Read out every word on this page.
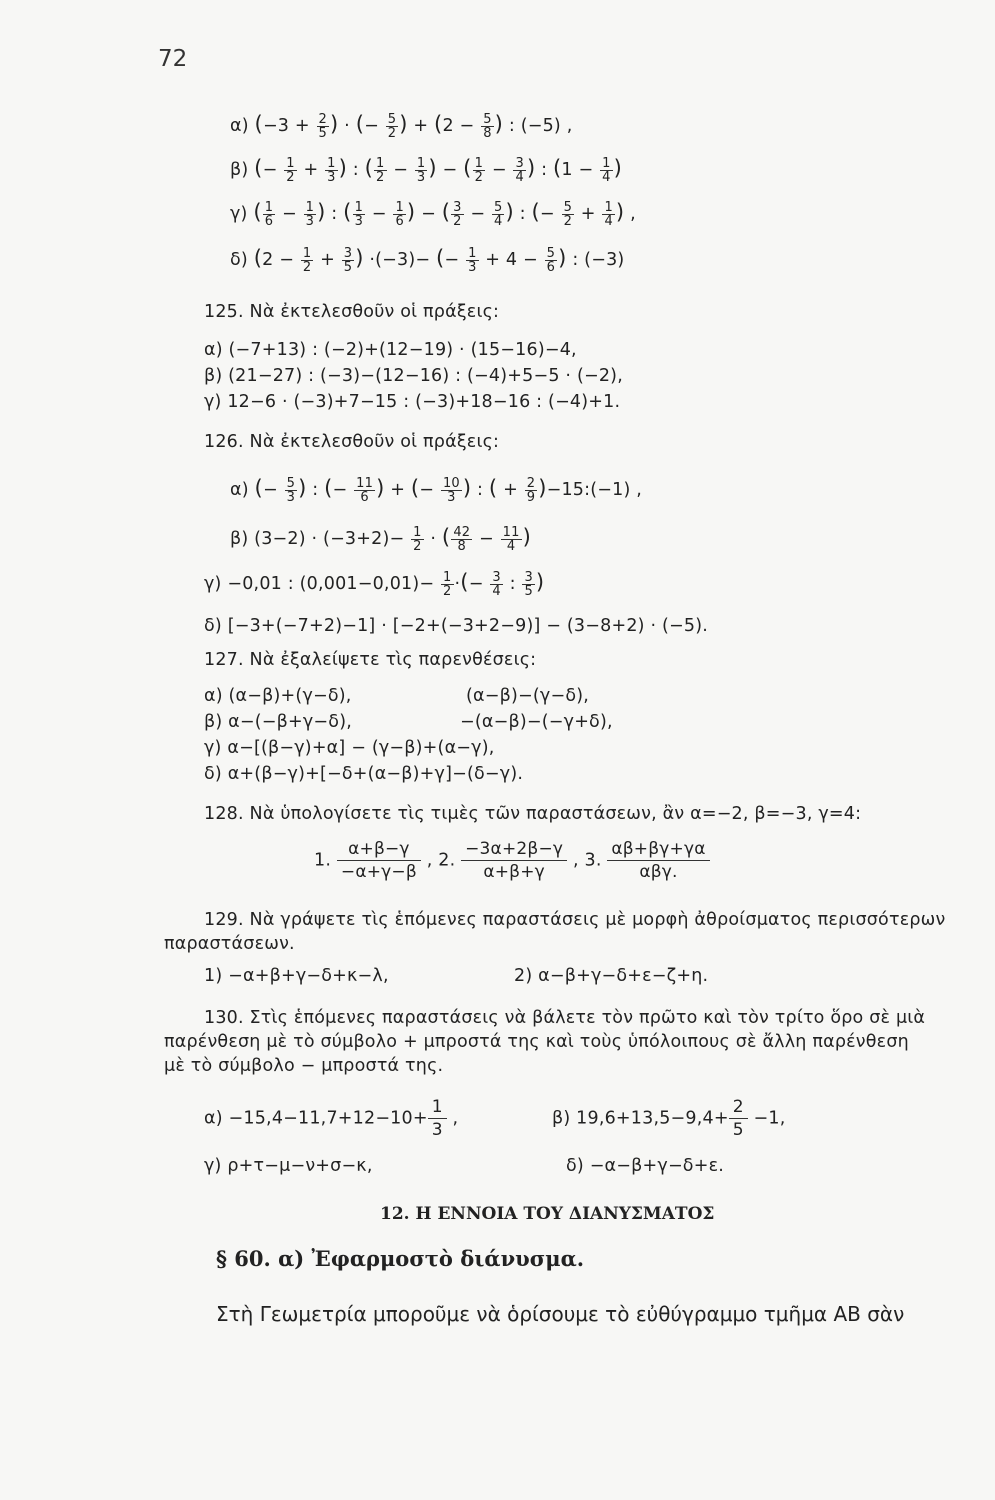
72
α) ($-3 + \frac{2}{5}$ ) · (− $\frac{5}{2}$ ) + ($2 - \frac{5}{8}$ ) : (−5) ,
β) (− $\frac{1}{2} + \frac{1}{3}$ ) : ( $\frac{1}{2} - \frac{1}{3}$ ) − ( $\frac{1}{2} - \frac{3}{4}$ ) : ($1 - \frac{1}{4}$ )
γ) ( $\frac{1}{6} - \frac{1}{3}$ ) : ( $\frac{1}{3} - \frac{1}{6}$ ) − ( $\frac{3}{2} - \frac{5}{4}$ ) : (− $\frac{5}{2} + \frac{1}{4}$ ) ,
δ) ($2 - \frac{1}{2} + \frac{3}{5}$ ) ·(−3)− (− $\frac{1}{3} + 4 - \frac{5}{6}$ ) : (−3)
125. Νὰ ἐκτελεσθοῦν οἱ πράξεις:
α) (−7+13) : (−2)+(12−19) · (15−16)−4,
β) (21−27) : (−3)−(12−16) : (−4)+5−5 · (−2),
γ) 12−6 · (−3)+7−15 : (−3)+18−16 : (−4)+1.
126. Νὰ ἐκτελεσθοῦν οἱ πράξεις:
α) (− $\frac{5}{3}$ ) : (− $\frac{11}{6}$ ) + (− $\frac{10}{3}$ ) : ( + $\frac{2}{9}$ )−15:(−1) ,
β) $(3-2) \cdot (-3+2)- \frac{1}{2}$ · ( $\frac{42}{8} - \frac{11}{4}$ )
γ) −0,01 : $(0,001-0,01)- \frac{1}{2}$ ·(− $\frac{3}{4}$ : $\frac{3}{5}$ )
δ) [−3+(−7+2)−1] · [−2+(−3+2−9)] − (3−8+2) · (−5).
127. Νὰ ἐξαλείψετε τὶς παρενθέσεις:
α) (α−β)+(γ−δ),	(α−β)−(γ−δ),
β) α−(−β+γ−δ),	−(α−β)−(−γ+δ),
γ) α−[(β−γ)+α] − (γ−β)+(α−γ),
δ) α+(β−γ)+[−δ+(α−β)+γ]−(δ−γ).
128. Νὰ ὑπολογίσετε τὶς τιμὲς τῶν παραστάσεων, ἂν α=−2, β=−3, γ=4:
1. $\frac{\alpha+\beta-\gamma}{-\alpha+\gamma-\beta}$ , 2. $\frac{-3\alpha+2\beta-\gamma}{\alpha+\beta+\gamma}$ , 3. $\frac{\alpha\beta+\beta\gamma+\gamma\alpha}{\text{αβγ.}}$
129. Νὰ γράψετε τὶς ἑπόμενες παραστάσεις μὲ μορφὴ ἀθροίσματος περισσότερων
παραστάσεων.
1) −α+β+γ−δ+κ−λ,	2) α−β+γ−δ+ε−ζ+η.
130. Στὶς ἑπόμενες παραστάσεις νὰ βάλετε τὸν πρῶτο καὶ τὸν τρίτο ὅρο σὲ μιὰ
παρένθεση μὲ τὸ σύμβολο + μπροστά της καὶ τοὺς ὑπόλοιπους σὲ ἄλλη παρένθεση
μὲ τὸ σύμβολο − μπροστά της.
$\alpha) -15,4-11,7+12-10+ \frac{1}{3}$ ,	β) $19,6+13,5-9,4+ \frac{2}{5} -1$,
γ) ρ+τ−μ−ν+σ−κ,	δ) −α−β+γ−δ+ε.
12. Η ΕΝΝΟΙΑ ΤΟΥ ΔΙΑΝΥΣΜΑΤΟΣ
§ 60. α) Ἐφαρμοστὸ διάνυσμα.
Στὴ Γεωμετρία μποροῦμε νὰ ὁρίσουμε τὸ εὐθύγραμμο τμῆμα ΑΒ σὰν
